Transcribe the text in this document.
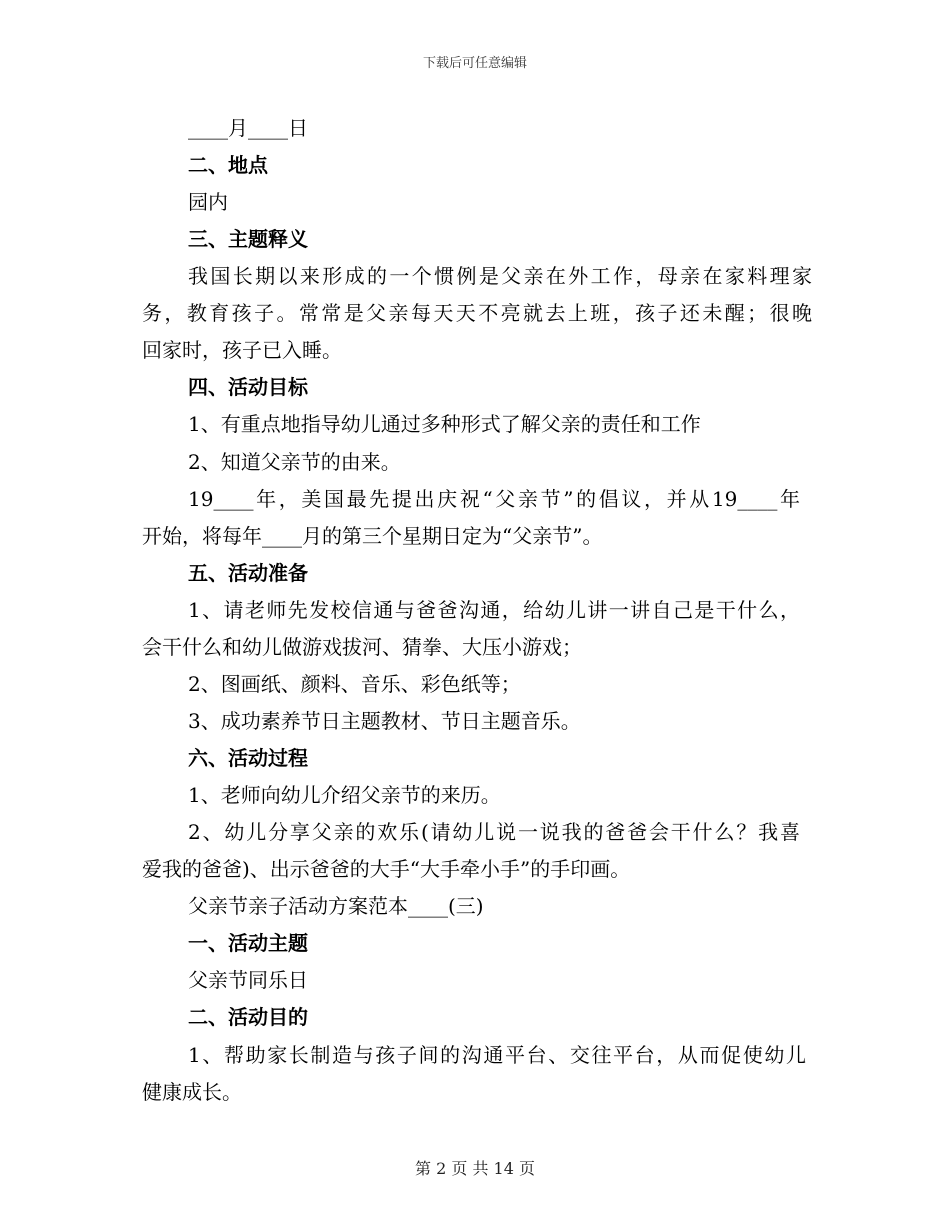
下载后可任意编辑
____月____日
二、地点
园内
三、主题释义
我国长期以来形成的一个惯例是父亲在外工作，母亲在家料理家
务，教育孩子。常常是父亲每天天不亮就去上班，孩子还未醒；很晚
回家时，孩子已入睡。
四、活动目标
1、有重点地指导幼儿通过多种形式了解父亲的责任和工作
2、知道父亲节的由来。
19____年，美国最先提出庆祝“父亲节”的倡议，并从19____年
开始，将每年____月的第三个星期日定为“父亲节”。
五、活动准备
1、请老师先发校信通与爸爸沟通，给幼儿讲一讲自己是干什么，
会干什么和幼儿做游戏拔河、猜拳、大压小游戏；
2、图画纸、颜料、音乐、彩色纸等；
3、成功素养节日主题教材、节日主题音乐。
六、活动过程
1、老师向幼儿介绍父亲节的来历。
2、幼儿分享父亲的欢乐(请幼儿说一说我的爸爸会干什么？我喜
爱我的爸爸)、出示爸爸的大手“大手牵小手”的手印画。
父亲节亲子活动方案范本____(三)
一、活动主题
父亲节同乐日
二、活动目的
1、帮助家长制造与孩子间的沟通平台、交往平台，从而促使幼儿
健康成长。
第 2 页 共 14 页
